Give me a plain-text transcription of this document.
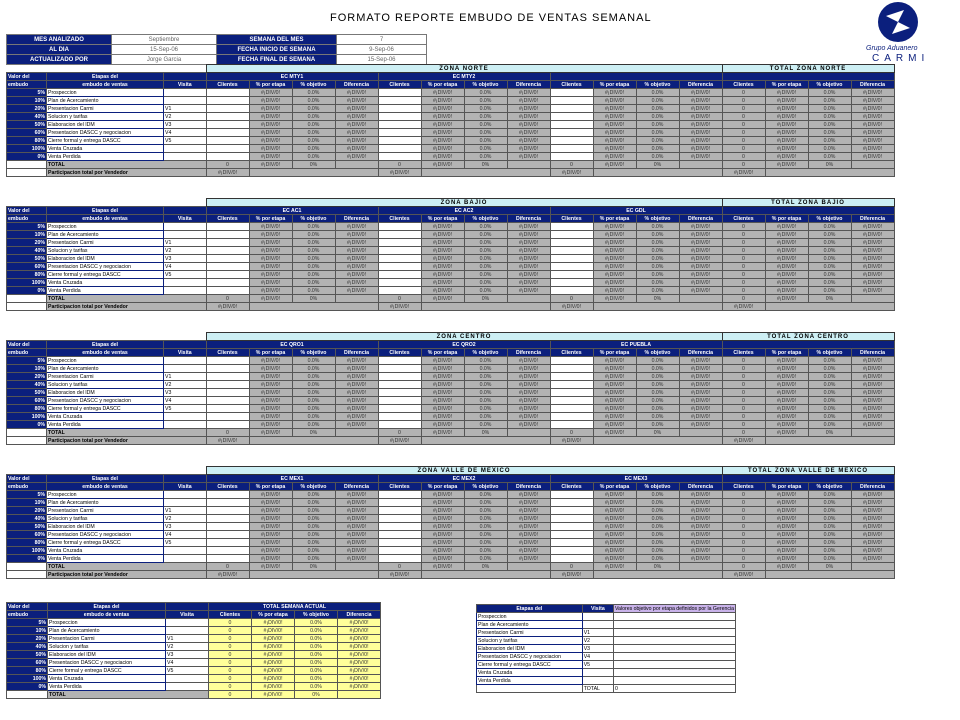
FORMATO REPORTE EMBUDO DE VENTAS SEMANAL
Grupo Aduanero
CARMI
MES ANALIZADO	Septiembre	SEMANA DEL MES	7
AL DIA	15-Sep-06	FECHA INICIO DE SEMANA	9-Sep-06
ACTUALIZADO POR	Jorge Garcia	FECHA FINAL DE SEMANA	15-Sep-06
			ZONA NORTE												TOTAL ZONA NORTE			
Valor del	Etapas del		EC MTY1				EC MTY2											
embudo	embudo de ventas	Visita	Clientes	% por etapa	% objetivo	Diferencia	Clientes	% por etapa	% objetivo	Diferencia	Clientes	% por etapa	% objetivo	Diferencia	Clientes	% por etapa	% objetivo	Diferencia
5%	Prospeccion			#¡DIV/0!	0.0%	#¡DIV/0!		#¡DIV/0!	0.0%	#¡DIV/0!		#¡DIV/0!	0.0%	#¡DIV/0!	0	#¡DIV/0!	0.0%	#¡DIV/0!
10%	Plan de Acercamiento			#¡DIV/0!	0.0%	#¡DIV/0!		#¡DIV/0!	0.0%	#¡DIV/0!		#¡DIV/0!	0.0%	#¡DIV/0!	0	#¡DIV/0!	0.0%	#¡DIV/0!
20%	Presentacion Carmi	V1		#¡DIV/0!	0.0%	#¡DIV/0!		#¡DIV/0!	0.0%	#¡DIV/0!		#¡DIV/0!	0.0%	#¡DIV/0!	0	#¡DIV/0!	0.0%	#¡DIV/0!
40%	Solucion y tarifas	V2		#¡DIV/0!	0.0%	#¡DIV/0!		#¡DIV/0!	0.0%	#¡DIV/0!		#¡DIV/0!	0.0%	#¡DIV/0!	0	#¡DIV/0!	0.0%	#¡DIV/0!
50%	Elaboracion del IDM	V3		#¡DIV/0!	0.0%	#¡DIV/0!		#¡DIV/0!	0.0%	#¡DIV/0!		#¡DIV/0!	0.0%	#¡DIV/0!	0	#¡DIV/0!	0.0%	#¡DIV/0!
60%	Presentacion DASCC y negociacion	V4		#¡DIV/0!	0.0%	#¡DIV/0!		#¡DIV/0!	0.0%	#¡DIV/0!		#¡DIV/0!	0.0%	#¡DIV/0!	0	#¡DIV/0!	0.0%	#¡DIV/0!
80%	Cierre formal y entrega DASCC	V5		#¡DIV/0!	0.0%	#¡DIV/0!		#¡DIV/0!	0.0%	#¡DIV/0!		#¡DIV/0!	0.0%	#¡DIV/0!	0	#¡DIV/0!	0.0%	#¡DIV/0!
100%	Venta Cruzada			#¡DIV/0!	0.0%	#¡DIV/0!		#¡DIV/0!	0.0%	#¡DIV/0!		#¡DIV/0!	0.0%	#¡DIV/0!	0	#¡DIV/0!	0.0%	#¡DIV/0!
0%	Venta Perdida			#¡DIV/0!	0.0%	#¡DIV/0!		#¡DIV/0!	0.0%	#¡DIV/0!		#¡DIV/0!	0.0%	#¡DIV/0!	0	#¡DIV/0!	0.0%	#¡DIV/0!
	TOTAL		0	#¡DIV/0!	0%		0	#¡DIV/0!	0%		0	#¡DIV/0!	0%		0	#¡DIV/0!	0%	
	Participacion total por Vendedor		#¡DIV/0!				#¡DIV/0!				#¡DIV/0!				#¡DIV/0!			
			ZONA BAJIO												TOTAL ZONA BAJIO			
Valor del	Etapas del		EC AC1				EC AC2				EC GDL							
embudo	embudo de ventas	Visita	Clientes	% por etapa	% objetivo	Diferencia	Clientes	% por etapa	% objetivo	Diferencia	Clientes	% por etapa	% objetivo	Diferencia	Clientes	% por etapa	% objetivo	Diferencia
5%	Prospeccion			#¡DIV/0!	0.0%	#¡DIV/0!		#¡DIV/0!	0.0%	#¡DIV/0!		#¡DIV/0!	0.0%	#¡DIV/0!	0	#¡DIV/0!	0.0%	#¡DIV/0!
10%	Plan de Acercamiento			#¡DIV/0!	0.0%	#¡DIV/0!		#¡DIV/0!	0.0%	#¡DIV/0!		#¡DIV/0!	0.0%	#¡DIV/0!	0	#¡DIV/0!	0.0%	#¡DIV/0!
20%	Presentacion Carmi	V1		#¡DIV/0!	0.0%	#¡DIV/0!		#¡DIV/0!	0.0%	#¡DIV/0!		#¡DIV/0!	0.0%	#¡DIV/0!	0	#¡DIV/0!	0.0%	#¡DIV/0!
40%	Solucion y tarifas	V2		#¡DIV/0!	0.0%	#¡DIV/0!		#¡DIV/0!	0.0%	#¡DIV/0!		#¡DIV/0!	0.0%	#¡DIV/0!	0	#¡DIV/0!	0.0%	#¡DIV/0!
50%	Elaboracion del IDM	V3		#¡DIV/0!	0.0%	#¡DIV/0!		#¡DIV/0!	0.0%	#¡DIV/0!		#¡DIV/0!	0.0%	#¡DIV/0!	0	#¡DIV/0!	0.0%	#¡DIV/0!
60%	Presentacion DASCC y negociacion	V4		#¡DIV/0!	0.0%	#¡DIV/0!		#¡DIV/0!	0.0%	#¡DIV/0!		#¡DIV/0!	0.0%	#¡DIV/0!	0	#¡DIV/0!	0.0%	#¡DIV/0!
80%	Cierre formal y entrega DASCC	V5		#¡DIV/0!	0.0%	#¡DIV/0!		#¡DIV/0!	0.0%	#¡DIV/0!		#¡DIV/0!	0.0%	#¡DIV/0!	0	#¡DIV/0!	0.0%	#¡DIV/0!
100%	Venta Cruzada			#¡DIV/0!	0.0%	#¡DIV/0!		#¡DIV/0!	0.0%	#¡DIV/0!		#¡DIV/0!	0.0%	#¡DIV/0!	0	#¡DIV/0!	0.0%	#¡DIV/0!
0%	Venta Perdida			#¡DIV/0!	0.0%	#¡DIV/0!		#¡DIV/0!	0.0%	#¡DIV/0!		#¡DIV/0!	0.0%	#¡DIV/0!	0	#¡DIV/0!	0.0%	#¡DIV/0!
	TOTAL		0	#¡DIV/0!	0%		0	#¡DIV/0!	0%		0	#¡DIV/0!	0%		0	#¡DIV/0!	0%	
	Participacion total por Vendedor		#¡DIV/0!				#¡DIV/0!				#¡DIV/0!				#¡DIV/0!			
			ZONA CENTRO												TOTAL ZONA CENTRO			
Valor del	Etapas del		EC QRO1				EC QRO2				EC PUEBLA							
embudo	embudo de ventas	Visita	Clientes	% por etapa	% objetivo	Diferencia	Clientes	% por etapa	% objetivo	Diferencia	Clientes	% por etapa	% objetivo	Diferencia	Clientes	% por etapa	% objetivo	Diferencia
5%	Prospeccion			#¡DIV/0!	0.0%	#¡DIV/0!		#¡DIV/0!	0.0%	#¡DIV/0!		#¡DIV/0!	0.0%	#¡DIV/0!	0	#¡DIV/0!	0.0%	#¡DIV/0!
10%	Plan de Acercamiento			#¡DIV/0!	0.0%	#¡DIV/0!		#¡DIV/0!	0.0%	#¡DIV/0!		#¡DIV/0!	0.0%	#¡DIV/0!	0	#¡DIV/0!	0.0%	#¡DIV/0!
20%	Presentacion Carmi	V1		#¡DIV/0!	0.0%	#¡DIV/0!		#¡DIV/0!	0.0%	#¡DIV/0!		#¡DIV/0!	0.0%	#¡DIV/0!	0	#¡DIV/0!	0.0%	#¡DIV/0!
40%	Solucion y tarifas	V2		#¡DIV/0!	0.0%	#¡DIV/0!		#¡DIV/0!	0.0%	#¡DIV/0!		#¡DIV/0!	0.0%	#¡DIV/0!	0	#¡DIV/0!	0.0%	#¡DIV/0!
50%	Elaboracion del IDM	V3		#¡DIV/0!	0.0%	#¡DIV/0!		#¡DIV/0!	0.0%	#¡DIV/0!		#¡DIV/0!	0.0%	#¡DIV/0!	0	#¡DIV/0!	0.0%	#¡DIV/0!
60%	Presentacion DASCC y negociacion	V4		#¡DIV/0!	0.0%	#¡DIV/0!		#¡DIV/0!	0.0%	#¡DIV/0!		#¡DIV/0!	0.0%	#¡DIV/0!	0	#¡DIV/0!	0.0%	#¡DIV/0!
80%	Cierre formal y entrega DASCC	V5		#¡DIV/0!	0.0%	#¡DIV/0!		#¡DIV/0!	0.0%	#¡DIV/0!		#¡DIV/0!	0.0%	#¡DIV/0!	0	#¡DIV/0!	0.0%	#¡DIV/0!
100%	Venta Cruzada			#¡DIV/0!	0.0%	#¡DIV/0!		#¡DIV/0!	0.0%	#¡DIV/0!		#¡DIV/0!	0.0%	#¡DIV/0!	0	#¡DIV/0!	0.0%	#¡DIV/0!
0%	Venta Perdida			#¡DIV/0!	0.0%	#¡DIV/0!		#¡DIV/0!	0.0%	#¡DIV/0!		#¡DIV/0!	0.0%	#¡DIV/0!	0	#¡DIV/0!	0.0%	#¡DIV/0!
	TOTAL		0	#¡DIV/0!	0%		0	#¡DIV/0!	0%		0	#¡DIV/0!	0%		0	#¡DIV/0!	0%	
	Participacion total por Vendedor		#¡DIV/0!				#¡DIV/0!				#¡DIV/0!				#¡DIV/0!			
			ZONA VALLE DE MEXICO												TOTAL ZONA VALLE DE MEXICO			
Valor del	Etapas del		EC MEX1				EC MEX2				EC MEX3							
embudo	embudo de ventas	Visita	Clientes	% por etapa	% objetivo	Diferencia	Clientes	% por etapa	% objetivo	Diferencia	Clientes	% por etapa	% objetivo	Diferencia	Clientes	% por etapa	% objetivo	Diferencia
5%	Prospeccion			#¡DIV/0!	0.0%	#¡DIV/0!		#¡DIV/0!	0.0%	#¡DIV/0!		#¡DIV/0!	0.0%	#¡DIV/0!	0	#¡DIV/0!	0.0%	#¡DIV/0!
10%	Plan de Acercamiento			#¡DIV/0!	0.0%	#¡DIV/0!		#¡DIV/0!	0.0%	#¡DIV/0!		#¡DIV/0!	0.0%	#¡DIV/0!	0	#¡DIV/0!	0.0%	#¡DIV/0!
20%	Presentacion Carmi	V1		#¡DIV/0!	0.0%	#¡DIV/0!		#¡DIV/0!	0.0%	#¡DIV/0!		#¡DIV/0!	0.0%	#¡DIV/0!	0	#¡DIV/0!	0.0%	#¡DIV/0!
40%	Solucion y tarifas	V2		#¡DIV/0!	0.0%	#¡DIV/0!		#¡DIV/0!	0.0%	#¡DIV/0!		#¡DIV/0!	0.0%	#¡DIV/0!	0	#¡DIV/0!	0.0%	#¡DIV/0!
50%	Elaboracion del IDM	V3		#¡DIV/0!	0.0%	#¡DIV/0!		#¡DIV/0!	0.0%	#¡DIV/0!		#¡DIV/0!	0.0%	#¡DIV/0!	0	#¡DIV/0!	0.0%	#¡DIV/0!
60%	Presentacion DASCC y negociacion	V4		#¡DIV/0!	0.0%	#¡DIV/0!		#¡DIV/0!	0.0%	#¡DIV/0!		#¡DIV/0!	0.0%	#¡DIV/0!	0	#¡DIV/0!	0.0%	#¡DIV/0!
80%	Cierre formal y entrega DASCC	V5		#¡DIV/0!	0.0%	#¡DIV/0!		#¡DIV/0!	0.0%	#¡DIV/0!		#¡DIV/0!	0.0%	#¡DIV/0!	0	#¡DIV/0!	0.0%	#¡DIV/0!
100%	Venta Cruzada			#¡DIV/0!	0.0%	#¡DIV/0!		#¡DIV/0!	0.0%	#¡DIV/0!		#¡DIV/0!	0.0%	#¡DIV/0!	0	#¡DIV/0!	0.0%	#¡DIV/0!
0%	Venta Perdida			#¡DIV/0!	0.0%	#¡DIV/0!		#¡DIV/0!	0.0%	#¡DIV/0!		#¡DIV/0!	0.0%	#¡DIV/0!	0	#¡DIV/0!	0.0%	#¡DIV/0!
	TOTAL		0	#¡DIV/0!	0%		0	#¡DIV/0!	0%		0	#¡DIV/0!	0%		0	#¡DIV/0!	0%	
	Participacion total por Vendedor		#¡DIV/0!				#¡DIV/0!				#¡DIV/0!				#¡DIV/0!			
Valor del	Etapas del		TOTAL SEMANA ACTUAL			
embudo	embudo de ventas	Visita	Clientes	% por etapa	% objetivo	Diferencia
5%	Prospeccion		0	#¡DIV/0!	0.0%	#¡DIV/0!
10%	Plan de Acercamiento		0	#¡DIV/0!	0.0%	#¡DIV/0!
20%	Presentacion Carmi	V1	0	#¡DIV/0!	0.0%	#¡DIV/0!
40%	Solucion y tarifas	V2	0	#¡DIV/0!	0.0%	#¡DIV/0!
50%	Elaboracion del IDM	V3	0	#¡DIV/0!	0.0%	#¡DIV/0!
60%	Presentacion DASCC y negociacion	V4	0	#¡DIV/0!	0.0%	#¡DIV/0!
80%	Cierre formal y entrega DASCC	V5	0	#¡DIV/0!	0.0%	#¡DIV/0!
100%	Venta Cruzada		0	#¡DIV/0!	0.0%	#¡DIV/0!
0%	Venta Perdida		0	#¡DIV/0!	0.0%	#¡DIV/0!
	TOTAL		0	#¡DIV/0!	0%	
Etapas del	Visita	Valores objetivo por etapa definidos por la Gerencia
Prospeccion		
Plan de Acercamiento		
Presentacion Carmi	V1	
Solucion y tarifas	V2	
Elaboracion del IDM	V3	
Presentacion DASCC y negociacion	V4	
Cierre formal y entrega DASCC	V5	
Venta Cruzada		
Venta Perdida		
	TOTAL	0
